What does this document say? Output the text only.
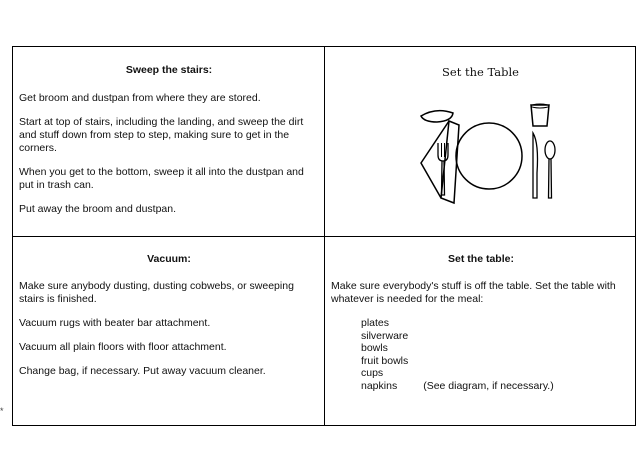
Sweep the stairs:

Get broom and dustpan from where they are stored.

Start at top of stairs, including the landing, and sweep the dirt and stuff down from step to step, making sure to get in the corners.

When you get to the bottom, sweep it all into the dustpan and put in trash can.

Put away the broom and dustpan.

Set the Table
Vacuum:

Make sure anybody dusting, dusting cobwebs, or sweeping stairs is finished.

Vacuum rugs with beater bar attachment.

Vacuum all plain floors with floor attachment.

Change bag, if necessary. Put away vacuum cleaner.

Set the table:

Make sure everybody's stuff is off the table. Set the table with whatever is needed for the meal:

plates
silverware
bowls
fruit bowls
cups
napkins (See diagram, if necessary.)
*
